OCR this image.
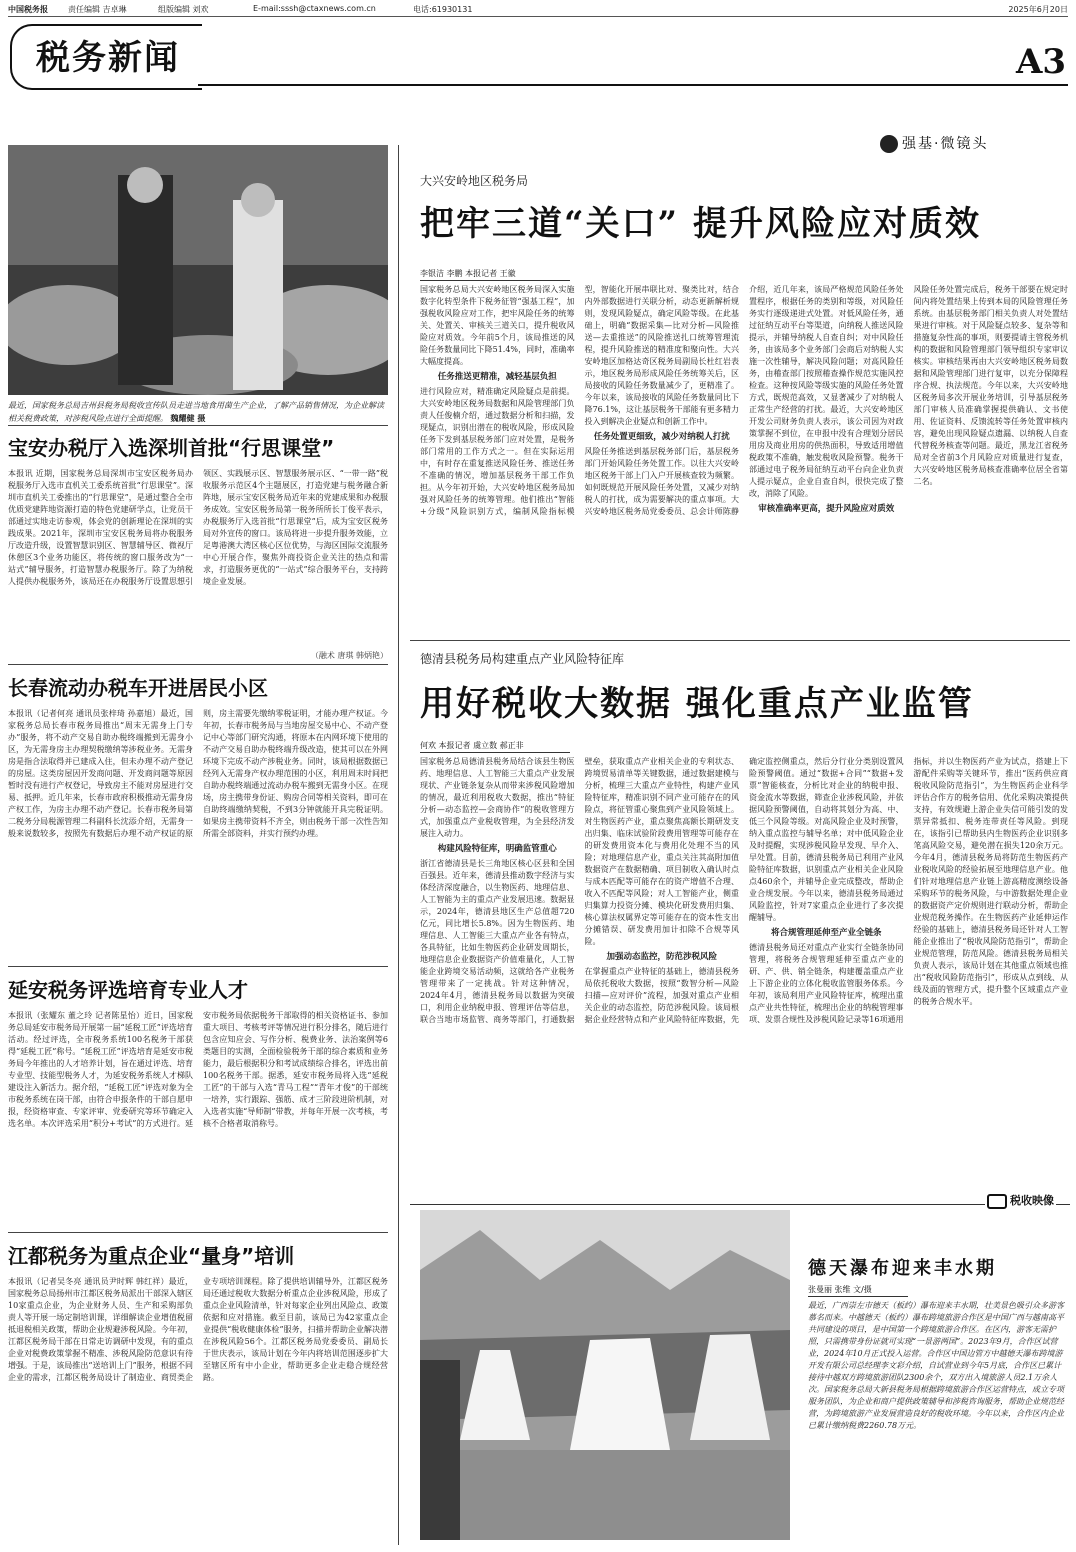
中国税务报	责任编辑 吉卓琳	组版编辑 刘欢	E-mail:sssh@ctaxnews.com.cn	电话:61930131	2025年6月20日
税务新闻	A3
强基·微镜头
最近，国家税务总局吉州县税务局税收宣传队员走进当地食用菌生产企业，了解产品销售情况，为企业解读相关税费政策，对涉税风险点进行全面提醒。 魏耀健 摄
宝安办税厅入选深圳首批“行思课堂”
本报讯 近期，国家税务总局深圳市宝安区税务局办税服务厅入选市直机关工委系统首批“行思课堂”。深圳市直机关工委推出的“行思课堂”，是通过整合全市优质党建阵地资源打造的特色党建研学点，让党员干部通过实地走访参观，体会党的创新理论在深圳的实践成果。2021年，深圳市宝安区税务局将办税服务厅改造升级，设置智慧识别区、智慧辅导区、微视厅休憩区3个业务功能区，将传统的窗口服务改为“一站式”辅导服务，打造智慧办税服务厅。除了为纳税人提供办税服务外，该局还在办税服务厅设置思想引领区、实践展示区、智慧服务展示区、“一带一路”税收服务示范区4个主题展区，打造党建与税务融合新阵地，展示宝安区税务局近年来的党建成果和办税服务成效。宝安区税务局第一税务所所长丁俊平表示，办税服务厅入选首批“行思课堂”后，成为宝安区税务局对外宣传的窗口。该局将进一步提升服务效能，立足粤港澳大湾区核心区位优势，与海区国际交流服务中心开展合作，聚焦外商投资企业关注的热点和需求，打造服务更优的“一站式”综合服务平台，支持跨境企业发展。
（融术 唐琪 韩炳艳）
长春流动办税车开进居民小区
本报讯（记者何亮 通讯员张梓琦 孙嘉旭）最近，国家税务总局长春市税务局推出“周末无需身上门专办”服务，将不动产交易自助办税终端搬到无需身小区，为无需身房主办理契税缴纳等涉税业务。无需身房是指合法取得并已建成入住，但未办理不动产登记的房屋。这类房屋因开发商问题、开发商问题等原因暂时没有进行产权登记，导致房主不能对房屋进行交易、抵押。近几年来，长春市政府积极推动无需身房产权工作，为房主办理不动产登记。长春市税务局第二税务分局税源管理二科副科长沈添介绍，无需身一般来说数较多，按照先有数据后办理不动产权证的原则，房主需要先缴纳零税证明，才能办理产权证。今年初，长春市税务局与当地房屋交易中心、不动产登记中心等部门研究沟通，将原本在内网环境下使用的不动产交易自助办税终端升级改造，使其可以在外网环境下完成不动产涉税业务。同时，该局根据数据已经列入无需身产权办理范围的小区，利用周末时间把自助办税终端通过流动办税车搬到无需身小区。在现场，房主携带身份证、购房合同等相关资料，即可在自助终端缴纳契税，不到3分钟就能开具完税证明。如果房主携带资料不齐全，则由税务干部一次性告知所需全部资料，并实行预约办理。
延安税务评选培育专业人才
本报讯（张耀东 董之玲 记者陈星怡）近日，国家税务总局延安市税务局开展第一届“延税工匠”评选培育活动。经过评选，全市税务系统100名税务干部获得“延税工匠”称号。“延税工匠”评选培育是延安市税务局今年推出的人才培养计划，旨在通过评选、培育专业型、技能型税务人才，为延安税务系统人才梯队建设注入新活力。据介绍，“延税工匠”评选对象为全市税务系统在岗干部，由符合申报条件的干部自愿申报，经资格审查、专家评审、党委研究等环节确定入选名单。本次评选采用“积分+考试”的方式进行。延安市税务局依据税务干部取得的相关资格证书、参加重大项目、考核考评等情况进行积分排名，随后进行包含应知应会、写作分析、税费业务、法治案例等6类题目的实测，全面检验税务干部的综合素质和业务能力，最后根据积分和考试成绩综合排名，评选出前100名税务干部。据悉，延安市税务局将入选“延税工匠”的干部与入选“青马工程”“青年才俊”的干部统一培养，实行跟踪、强筋、成才三阶段进阶机制，对入选者实施“导师制”带教，并每年开展一次考核，考核不合格者取消称号。
江都税务为重点企业“量身”培训
本报讯（记者吴冬亮 通讯员尹时辉 韩红祥）最近，国家税务总局扬州市江都区税务局派出干部深入辖区10家重点企业，为企业财务人员、生产和采购部负责人等开展一场定制培训课，详细解读企业增值税留抵退税相关政策，帮助企业规避涉税风险。今年初，江都区税务局干部在日常走访调研中发现，有的重点企业对税费政策掌握不精准、涉税风险防范意识有待增强。于是，该局推出“送培训上门”服务，根据不同企业的需求，江都区税务局设计了制造业、商贸类企业专项培训课程。除了提供培训辅导外，江都区税务局还通过税收大数据分析重点企业涉税风险，形成了重点企业风险清单，针对每家企业列出风险点、政策依据和应对措施。截至目前，该局已为42家重点企业提供“税收健康体检”服务，扫描并帮助企业解决潜在涉税风险56个。江都区税务局党委委员、副局长于世庆表示，该局计划在今年内将培训范围逐步扩大至辖区所有中小企业，帮助更多企业走稳合规经营路。
大兴安岭地区税务局
把牢三道“关口” 提升风险应对质效
李银洁 李鹏 本报记者 王徽
国家税务总局大兴安岭地区税务局深入实施数字化转型条件下税务征管“强基工程”，加强税收风险应对工作，把牢风险任务的统筹关、处置关、审核关三道关口，提升税收风险应对质效。今年前5个月，该局推送的风险任务数量同比下降51.4%，同时，准确率大幅度提高。
任务推送更精准，减轻基层负担
进行风险应对，精准确定风险疑点是前提。大兴安岭地区税务局数据和风险管理部门负责人任俊楠介绍，通过数据分析和扫描，发现疑点，识别出潜在的税收风险，形成风险任务下发到基层税务部门应对处置，是税务部门常用的工作方式之一。但在实际运用中，有时存在重复推送风险任务、推送任务不准确的情况，增加基层税务干部工作负担。从今年初开始，大兴安岭地区税务局加强对风险任务的统筹管理。他们推出“智能+分级”风险识别方式，编制风险指标模型，智能化开展串联比对、聚类比对，结合内外部数据进行关联分析，动态更新解析规则，发现风险疑点，确定风险等级。在此基础上，明确“数据采集—比对分析—风险推送—去重推送”的风险推送扎口统筹管理流程，提升风险推送的精准度和聚向性。大兴安岭地区加格达奇区税务局副局长杜红岩表示，地区税务局形成风险任务统筹关后，区局接收的风险任务数量减少了，更精准了。今年以来，该局接收的风险任务数量同比下降76.1%，这让基层税务干部能有更多精力投入到解决企业疑点和创新工作中。
任务处置更细致，减少对纳税人打扰
风险任务推送到基层税务部门后，基层税务部门开始风险任务处置工作。以往大兴安岭地区税务干部上门入户开展核查较为频繁。如何既规范开展风险任务处置，又减少对纳税人的打扰，成为需要解决的重点事项。大兴安岭地区税务局党委委员、总会计师陈静介绍，近几年来，该局严格规范风险任务处置程序，根据任务的类别和等级，对风险任务实行逐级递进式处置。对低风险任务，通过征纳互动平台等渠道，向纳税人推送风险提示，并辅导纳税人自查自纠；对中风险任务，由该局多个业务部门会商后对纳税人实施一次性辅导，解决风险问题；对高风险任务，由稽查部门按照稽查操作规范实施风控检查。这种按风险等级实施的风险任务处置方式，既规范高效，又显著减少了对纳税人正常生产经营的打扰。最近，大兴安岭地区开发公司财务负责人表示，该公司因为对政策掌握不到位，在申报中没有合理划分居民用房及商业用房的供热面积，导致适用增值税政策不准确，触发税收风险预警。税务干部通过电子税务局征纳互动平台向企业负责人提示疑点，企业自查自纠，很快完成了整改，消除了风险。
审核准确率更高，提升风险应对质效
风险任务处置完成后，税务干部要在规定时间内将处置结果上传到本局的风险管理任务系统。由基层税务部门相关负责人对处置结果进行审核。对于风险疑点较多、复杂等和措施复杂性高的事项，则要提请主管税务机构的数据和风险管理部门领导组织专家审议核实。审核结果再由大兴安岭地区税务局数据和风险管理部门进行复审，以充分保障程序合规、执法规范。今年以来，大兴安岭地区税务局多次开展业务培训，引导基层税务部门审核人员准确掌握提供确认、文书使用、佐证资料、反馈流转等任务处置审核内容，避免出现风险疑点遗漏、以纳税人自查代替税务核查等问题。最近，黑龙江省税务局对全省前3个月风险应对质量进行复查，大兴安岭地区税务局核查准确率位居全省第二名。
德清县税务局构建重点产业风险特征库
用好税收大数据 强化重点产业监管
何欢 本报记者 虞立数 郝正非
国家税务总局德清县税务局结合该县生物医药、地理信息、人工智能三大重点产业发展现状、产业链条复杂从而带来涉税风险增加的情况，最近利用税收大数据，推出“特征分析—动态监控—会商协作”的税收管理方式，加强重点产业税收管理，为全县经济发展注入动力。
构建风险特征库，明确监管重心
浙江省德清县是长三角地区核心区县和全国百强县。近年来，德清县推动数字经济与实体经济深度融合，以生物医药、地理信息、人工智能为主的重点产业发展迅速。数据显示，2024年，德清县地区生产总值超720亿元，同比增长5.8%。因为生物医药、地理信息、人工智能三大重点产业各有特点，各具特征，比如生物医药企业研发周期长，地理信息企业数据资产价值难量化，人工智能企业跨境交易活动频，这就给各产业税务管理带来了一定挑战。针对这种情况，2024年4月，德清县税务局以数据为突破口，利用企业纳税申报、管理评估等信息，联合当地市场监管、商务等部门，打通数据壁垒，获取重点产业相关企业的专利状态、跨境贸易清单等关键数据，通过数据建模与分析，梳理三大重点产业特性，构建产业风险特征库，精准识别不同产业可能存在的风险点，将征管重心聚焦到产业风险领域上。对生物医药产业，重点聚焦高额长期研发支出归集、临床试验阶段费用管理等可能存在的研发费用资本化与费用化处理不当的风险；对地理信息产业，重点关注其高附加值数据资产在数据精确、项目制收入确认时点与成本匹配等可能存在的资产增值不合理、收入不匹配等风险；对人工智能产业，侧重归集算力投资分摊、模块化研发费用归集、核心算法权属界定等可能存在的资本性支出分摊错误、研发费用加计扣除不合规等风险。
加强动态监控，防范涉税风险
在掌握重点产业特征的基础上，德清县税务局依托税收大数据，按照“数智分析—风险扫描—应对评价”流程，加强对重点产业相关企业的动态监控，防范涉税风险。该局根据企业经营特点和产业风险特征库数据，先确定监控侧重点，然后分行业分类别设置风险预警阈值。通过“数据+合同”“数据+发票”智能核查，分析比对企业的纳税申报、资金流水等数据，筛查企业涉税风险，并依据风险预警阈值，自动将其划分为高、中、低三个风险等级。对高风险企业及时预警，纳入重点监控与辅导名单；对中低风险企业及时提醒，实现涉税风险早发现、早介入、早处置。目前，德清县税务局已利用产业风险特征库数据，识别重点产业相关企业风险点460余个，并辅导企业完成整改，帮助企业合规发展。今年以来，德清县税务局通过风险监控，针对7家重点企业进行了多次提醒辅导。
将合规管理延伸至产业全链条
德清县税务局还对重点产业实行全链条协同管理，将税务合规管理延伸至重点产业的研、产、供、销全链条，构建覆盖重点产业上下游企业的立体化税收监管服务体系。今年初，该局利用产业风险特征库，梳理出重点产业共性特征，梳理出企业的纳税管理事项、发票合规性及涉税风险记录等16项通用指标，并以生物医药产业为试点，搭建上下游配件采购等关键环节，推出“医药供应商税收风险防范指引”，为生物医药企业科学评估合作方的税务信用、优化采购决策提供支持，有效规避上游企业失信可能引发的发票异常抵扣、税务连带责任等风险。到现在，该指引已帮助县内生物医药企业识别多笔高风险交易，避免潜在损失120余万元。今年4月，德清县税务局将防范生物医药产业税收风险的经验拓展至地理信息产业。他们针对地理信息产业链上游高精度测绘设备采购环节的税务风险，与中游数据处理企业的数据资产定价规则进行联动分析，帮助企业规范税务操作。在生物医药产业延伸运作经验的基础上，德清县税务局还针对人工智能企业推出了“税收风险防范指引”，帮助企业规范管理，防范风险。德清县税务局相关负责人表示，该局计划在其他重点领域也推出“税收风险防范指引”，形成从点到线、从线及面的管理方式，提升整个区域重点产业的税务合规水平。
税收映像
德天瀑布迎来丰水期
张曼丽 张维 文/摄
最近，广西崇左市德天（板约）瀑布迎来丰水期，壮美景色吸引众多游客慕名而来。中越德天（板约）瀑布跨境旅游合作区是中国广西与越南高平共同建设的项目，是中国第一个跨境旅游合作区。在区内，游客无需护照，只需携带身份证就可实现“一景游两国”。2023年9月，合作区试营业，2024年10月正式投入运营。合作区中国边管方中越德天瀑布跨境游开发有限公司总经理李文彩介绍，自试营业到今年5月底，合作区已累计接待中越双方跨境旅游团队2300余个，双方出入境旅游人员2.1万余人次。国家税务总局大新县税务局根据跨境旅游合作区运营特点，成立专项服务团队，为企业和商户提供政策辅导和涉税咨询服务，帮助企业规范经营，为跨境旅游产业发展营造良好的税收环境。今年以来，合作区内企业已累计缴纳税费2260.78万元。
